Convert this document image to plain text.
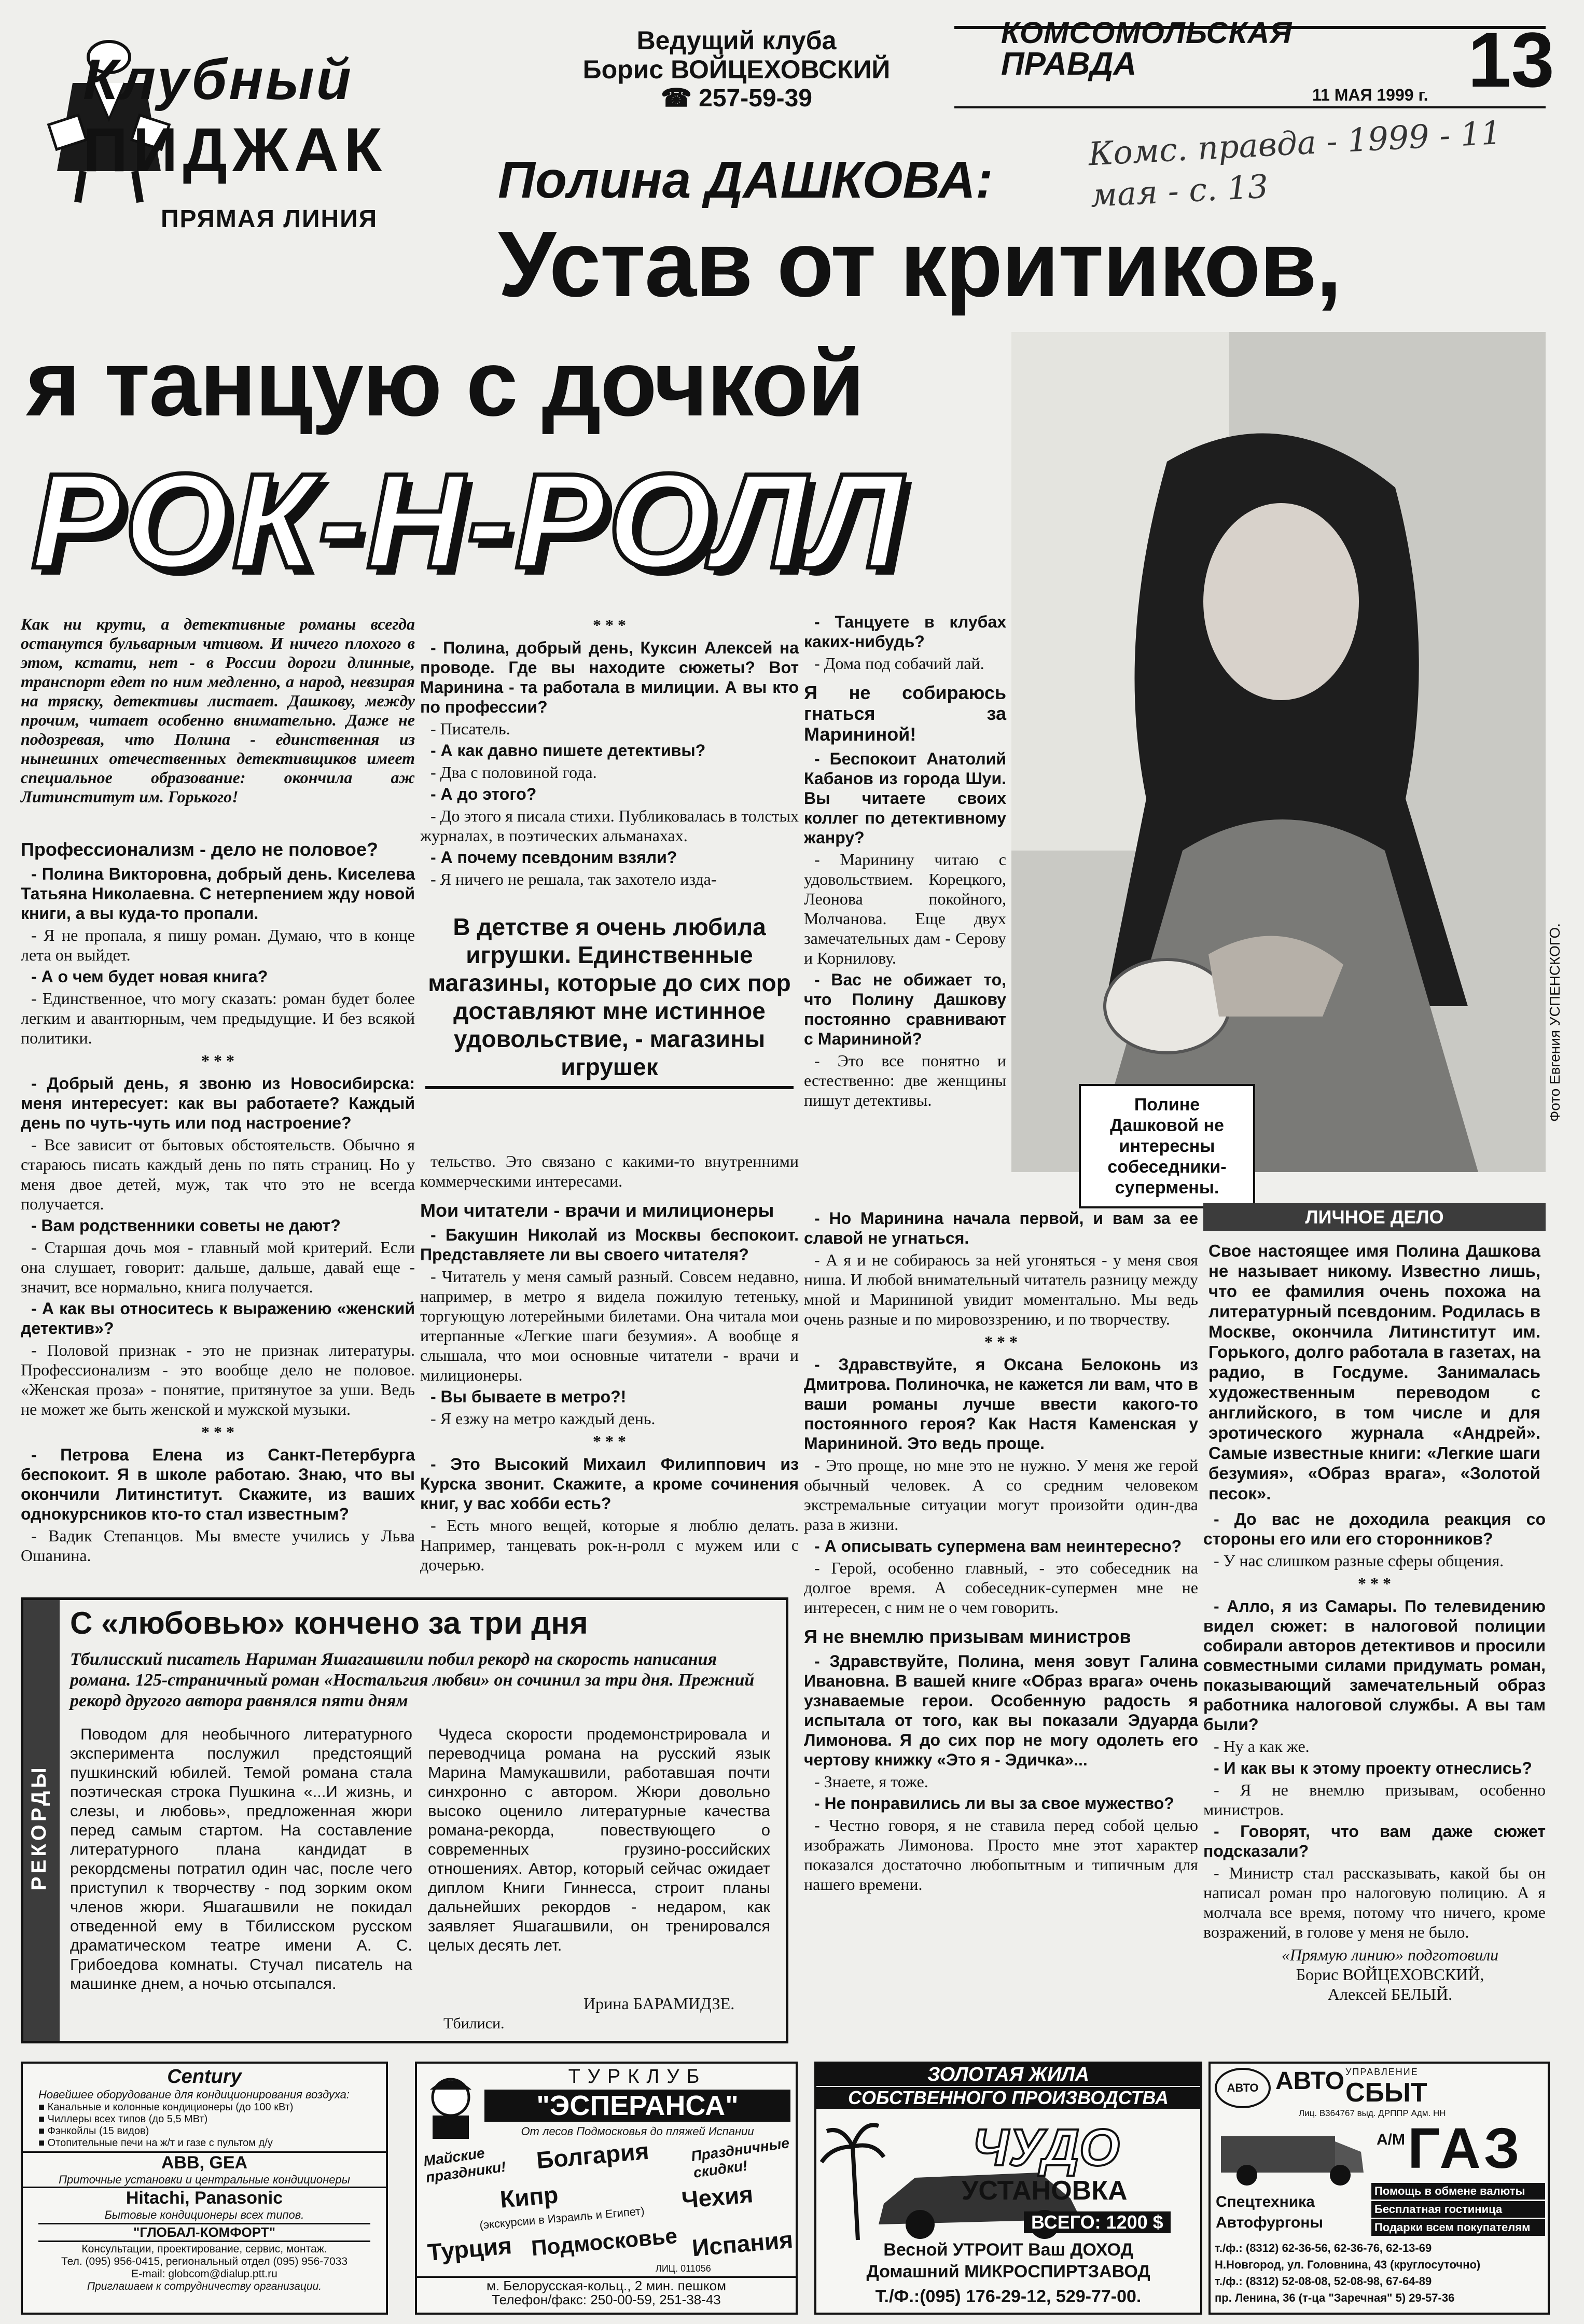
Клубный
ПИДЖАК
ПРЯМАЯ ЛИНИЯ
Ведущий клуба
Борис ВОЙЦЕХОВСКИЙ
☎ 257-59-39
КОМСОМОЛЬСКАЯ
ПРАВДА
11 МАЯ 1999 г. 13
Комс. правда - 1999 - 11 мая - с. 13
Полина ДАШКОВА:
Устав от критиков,
я танцую с дочкой
РОК-Н-РОЛЛ
Фото Евгения УСПЕНСКОГО.
Полине Дашковой не интересны собеседники-супермены.
Как ни крути, а детективные романы всегда останутся бульварным чтивом. И ничего плохого в этом, кстати, нет - в России дороги длинные, транспорт едет по ним медленно, а народ, невзирая на тряску, детективы листает. Дашкову, между прочим, читает особенно внимательно. Даже не подозревая, что Полина - единственная из нынешних отечественных детективщиков имеет специальное образование: окончила аж Литинститут им. Горького!

Профессионализм - дело не половое?

- Полина Викторовна, добрый день. Киселева Татьяна Николаевна. С нетерпением жду новой книги, а вы куда-то пропали.

- Я не пропала, я пишу роман. Думаю, что в конце лета он выйдет.

- А о чем будет новая книга?

- Единственное, что могу сказать: роман будет более легким и авантюрным, чем предыдущие. И без всякой политики.

* * *

- Добрый день, я звоню из Новосибирска: меня интересует: как вы работаете? Каждый день по чуть-чуть или под настроение?

- Все зависит от бытовых обстоятельств. Обычно я стараюсь писать каждый день по пять страниц. Но у меня двое детей, муж, так что это не всегда получается.

- Вам родственники советы не дают?

- Старшая дочь моя - главный мой критерий. Если она слушает, говорит: дальше, дальше, давай еще - значит, все нормально, книга получается.

- А как вы относитесь к выражению «женский детектив»?

- Половой признак - это не признак литературы. Профессионализм - это вообще дело не половое. «Женская проза» - понятие, притянутое за уши. Ведь не может же быть женской и мужской музыки.

* * *

- Петрова Елена из Санкт-Петербурга беспокоит. Я в школе работаю. Знаю, что вы окончили Литинститут. Скажите, из ваших однокурсников кто-то стал известным?

- Вадик Степанцов. Мы вместе учились у Льва Ошанина.

* * *

- Полина, добрый день, Куксин Алексей на проводе. Где вы находите сюжеты? Вот Маринина - та работала в милиции. А вы кто по профессии?

- Писатель.

- А как давно пишете детективы?

- Два с половиной года.

- А до этого?

- До этого я писала стихи. Публиковалась в толстых журналах, в поэтических альманахах.

- А почему псевдоним взяли?

- Я ничего не решала, так захотело изда-

В детстве я очень любила игрушки. Единственные магазины, которые до сих пор доставляют мне истинное удовольствие, - магазины игрушек

тельство. Это связано с какими-то внутренними коммерческими интересами.

Мои читатели - врачи и милиционеры

- Бакушин Николай из Москвы беспокоит. Представляете ли вы своего читателя?

- Читатель у меня самый разный. Совсем недавно, например, в метро я видела пожилую тетеньку, торгующую лотерейными билетами. Она читала мои итерпанные «Легкие шаги безумия». А вообще я слышала, что мои основные читатели - врачи и милиционеры.

- Вы бываете в метро?!

- Я езжу на метро каждый день.

* * *

- Это Высокий Михаил Филиппович из Курска звонит. Скажите, а кроме сочинения книг, у вас хобби есть?

- Есть много вещей, которые я люблю делать. Например, танцевать рок-н-ролл с мужем или с дочерью.

- Танцуете в клубах каких-нибудь?

- Дома под собачий лай.

Я не собираюсь гнаться за Марининой!

- Беспокоит Анатолий Кабанов из города Шуи. Вы читаете своих коллег по детективному жанру?

- Маринину читаю с удовольствием. Корецкого, Леонова покойного, Молчанова. Еще двух замечательных дам - Серову и Корнилову.

- Вас не обижает то, что Полину Дашкову постоянно сравнивают с Марининой?

- Это все понятно и естественно: две женщины пишут детективы.

- Но Маринина начала первой, и вам за ее славой не угнаться.

- А я и не собираюсь за ней угоняться - у меня своя ниша. И любой внимательный читатель разницу между мной и Марининой увидит моментально. Мы ведь очень разные и по мировоззрению, и по творчеству.

* * *

- Здравствуйте, я Оксана Белоконь из Дмитрова. Полиночка, не кажется ли вам, что в ваши романы лучше ввести какого-то постоянного героя? Как Настя Каменская у Марининой. Это ведь проще.

- Это проще, но мне это не нужно. У меня же герой обычный человек. А со средним человеком экстремальные ситуации могут произойти один-два раза в жизни.

- А описывать супермена вам неинтересно?

- Герой, особенно главный, - это собеседник на долгое время. А собеседник-супермен мне не интересен, с ним не о чем говорить.

Я не внемлю призывам министров

- Здравствуйте, Полина, меня зовут Галина Ивановна. В вашей книге «Образ врага» очень узнаваемые герои. Особенную радость я испытала от того, как вы показали Эдуарда Лимонова. Я до сих пор не могу одолеть его чертову книжку «Это я - Эдичка»...

- Знаете, я тоже.

- Не понравились ли вы за свое мужество?

- Честно говоря, я не ставила перед собой целью изображать Лимонова. Просто мне этот характер показался достаточно любопытным и типичным для нашего времени.

ЛИЧНОЕ ДЕЛО
Свое настоящее имя Полина Дашкова не называет никому. Известно лишь, что ее фамилия очень похожа на литературный псевдоним. Родилась в Москве, окончила Литинститут им. Горького, долго работала в газетах, на радио, в Госдуме. Занималась художественным переводом с английского, в том числе и для эротического журнала «Андрей». Самые известные книги: «Легкие шаги безумия», «Образ врага», «Золотой песок».

- До вас не доходила реакция со стороны его или его сторонников?

- У нас слишком разные сферы общения.

* * *

- Алло, я из Самары. По телевидению видел сюжет: в налоговой полиции собирали авторов детективов и просили совместными силами придумать роман, показывающий замечательный образ работника налоговой службы. А вы там были?

- Ну а как же.

- И как вы к этому проекту отнеслись?

- Я не внемлю призывам, особенно министров.

- Говорят, что вам даже сюжет подсказали?

- Министр стал рассказывать, какой бы он написал роман про налоговую полицию. А я молчала все время, потому что ничего, кроме возражений, в голове у меня не было.

«Прямую линию» подготовили
Борис ВОЙЦЕХОВСКИЙ,
Алексей БЕЛЫЙ.
РЕКОРДЫ
С «любовью» кончено за три дня
Тбилисский писатель Нариман Яшагашвили побил рекорд на скорость написания романа. 125-страничный роман «Ностальгия любви» он сочинил за три дня. Прежний рекорд другого автора равнялся пяти дням
Поводом для необычного литературного эксперимента послужил предстоящий пушкинский юбилей. Темой романа стала поэтическая строка Пушкина «...И жизнь, и слезы, и любовь», предложенная жюри перед самым стартом. На составление литературного плана кандидат в рекордсмены потратил один час, после чего приступил к творчеству - под зорким оком членов жюри. Яшагашвили не покидал отведенной ему в Тбилисском русском драматическом театре имени А. С. Грибоедова комнаты. Стучал писатель на машинке днем, а ночью отсыпался.
Чудеса скорости продемонстрировала и переводчица романа на русский язык Марина Мамукашвили, работавшая почти синхронно с автором. Жюри довольно высоко оценило литературные качества романа-рекорда, повествующего о современных грузино-российских отношениях. Автор, который сейчас ожидает диплом Книги Гиннесса, строит планы дальнейших рекордов - недаром, как заявляет Яшагашвили, он тренировался целых десять лет.
Ирина БАРАМИДЗЕ.
Тбилиси.
Century
Новейшее оборудование для кондиционирования воздуха:
■ Канальные и колонные кондиционеры (до 100 кВт)
■ Чиллеры всех типов (до 5,5 МВт)
■ Фэнкойлы (15 видов)
■ Отопительные печи на ж/т и газе с пультом д/у
ABB, GEA
Приточные установки и центральные кондиционеры
Hitachi, Panasonic
Бытовые кондиционеры всех типов.
"ГЛОБАЛ-КОМФОРТ"
Консультации, проектирование, сервис, монтаж.
Тел. (095) 956-0415, региональный отдел (095) 956-7033
E-mail: globcom@dialup.ptt.ru
Приглашаем к сотрудничеству организации.
ТУРКЛУБ
"ЭСПЕРАНСА"
От лесов Подмосковья до пляжей Испании
Майские праздники!
Праздничные скидки!
Болгария
Чехия
Кипр
(экскурсии в Израиль и Египет)
Турция Подмосковье Испания
ЛИЦ. 011056
м. Белорусская-кольц., 2 мин. пешком
Телефон/факс: 250-00-59, 251-38-43
ЗОЛОТАЯ ЖИЛА
СОБСТВЕННОГО ПРОИЗВОДСТВА
ЧУДО
УСТАНОВКА
ВСЕГО: 1200 $
Весной УТРОИТ Ваш ДОХОД
Домашний МИКРОСПИРТЗАВОД
Т./Ф.:(095) 176-29-12, 529-77-00.
АВТО АВТО УПРАВЛЕНИЕ
СБЫТ
Лиц. В364767 выд. ДРППР Адм. НН
А/М ГАЗ
Спецтехника
Автофургоны
Помощь в обмене валюты
Бесплатная гостиница
Подарки всем покупателям
т./ф.: (8312) 62-36-56, 62-36-76, 62-13-69
Н.Новгород, ул. Головнина, 43 (круглосуточно)
т./ф.: (8312) 52-08-08, 52-08-98, 67-64-89
пр. Ленина, 36 (т-ца "Заречная" 5) 29-57-36
